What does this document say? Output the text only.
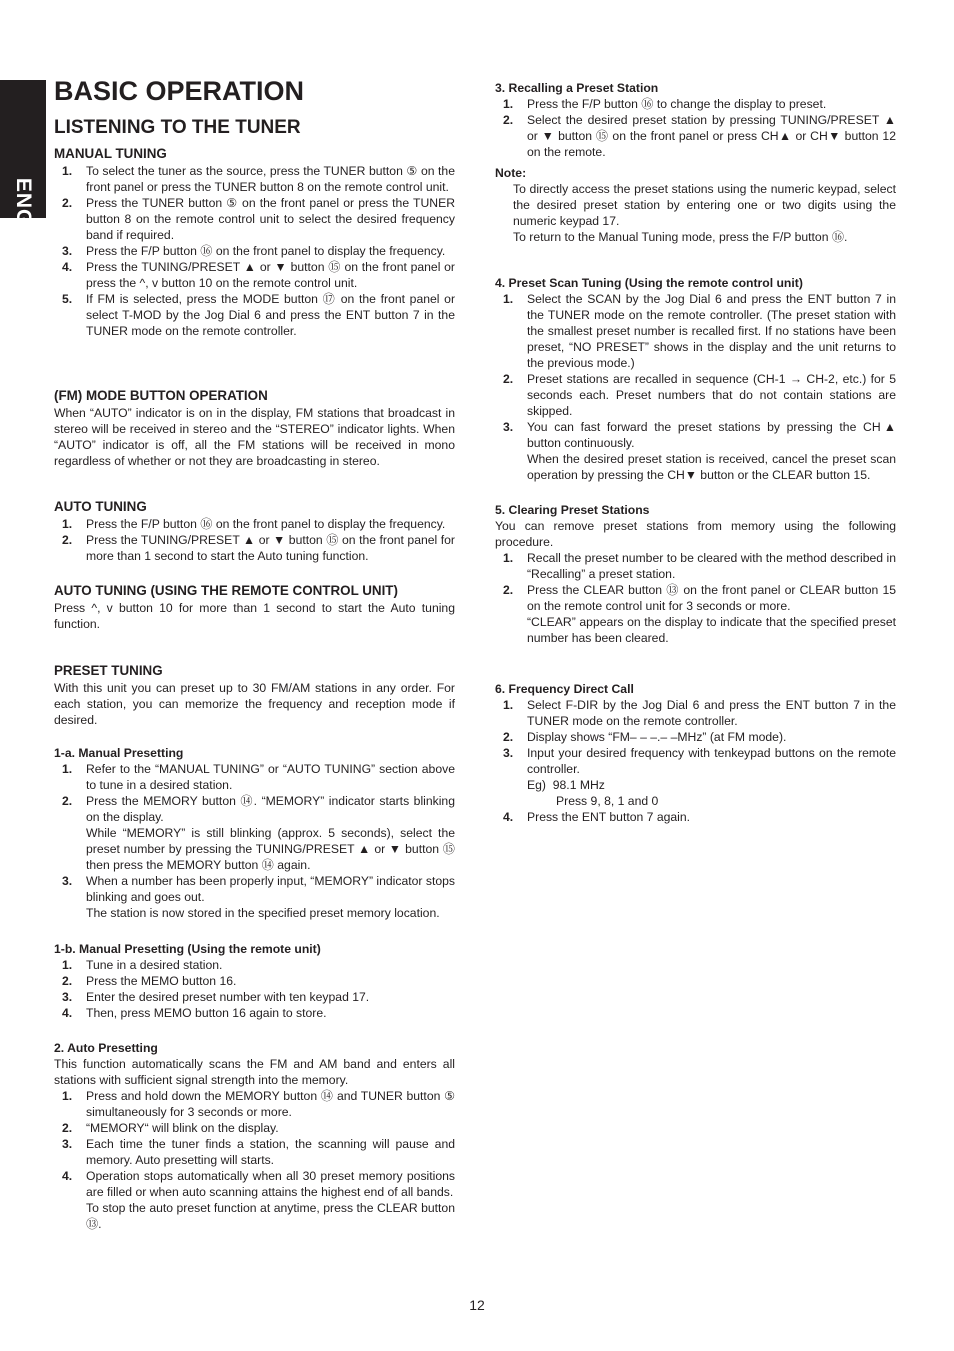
ENGLISH
BASIC OPERATION
LISTENING TO THE TUNER
MANUAL TUNING
1. To select the tuner as the source, press the TUNER button ⑤ on the front panel or press the TUNER button 8 on the remote control unit.
2. Press the TUNER button ⑤ on the front panel or press the TUNER button 8 on the remote control unit to select the desired frequency band if required.
3. Press the F/P button ⑯ on the front panel to display the frequency.
4. Press the TUNING/PRESET ▲ or ▼ button ⑮ on the front panel or press the ^, v button 10 on the remote control unit.
5. If FM is selected, press the MODE button ⑰ on the front panel or select T-MOD by the Jog Dial 6 and press the ENT button 7 in the TUNER mode on the remote controller.
(FM) MODE BUTTON OPERATION

When “AUTO” indicator is on in the display, FM stations that broadcast in stereo will be received in stereo and the “STEREO” indicator lights. When “AUTO” indicator is off, all the FM stations will be received in mono regardless of whether or not they are broadcasting in stereo.

AUTO TUNING
1. Press the F/P button ⑯ on the front panel to display the frequency.
2. Press the TUNING/PRESET ▲ or ▼ button ⑮ on the front panel for more than 1 second to start the Auto tuning function.
AUTO TUNING (USING THE REMOTE CONTROL UNIT)

Press ^, v button 10 for more than 1 second to start the Auto tuning function.

PRESET TUNING

With this unit you can preset up to 30 FM/AM stations in any order. For each station, you can memorize the frequency and reception mode if desired.

1-a. Manual Presetting
1. Refer to the “MANUAL TUNING” or “AUTO TUNING” section above to tune in a desired station.
2. Press the MEMORY button ⑭. “MEMORY” indicator starts blinking on the display.
While “MEMORY” is still blinking (approx. 5 seconds), select the preset number by pressing the TUNING/PRESET ▲ or ▼ button ⑮ then press the MEMORY button ⑭ again.
3. When a number has been properly input, “MEMORY” indicator stops blinking and goes out.
The station is now stored in the specified preset memory location.
1-b. Manual Presetting (Using the remote unit)
1. Tune in a desired station.
2. Press the MEMO button 16.
3. Enter the desired preset number with ten keypad 17.
4. Then, press MEMO button 16 again to store.
2. Auto Presetting

This function automatically scans the FM and AM band and enters all stations with sufficient signal strength into the memory.

1. Press and hold down the MEMORY button ⑭ and TUNER button ⑤ simultaneously for 3 seconds or more.
2. “MEMORY“ will blink on the display.
3. Each time the tuner finds a station, the scanning will pause and memory. Auto presetting will starts.
4. Operation stops automatically when all 30 preset memory positions are filled or when auto scanning attains the highest end of all bands.
To stop the auto preset function at anytime, press the CLEAR button ⑬.
3. Recalling a Preset Station
1. Press the F/P button ⑯ to change the display to preset.
2. Select the desired preset station by pressing TUNING/PRESET ▲ or ▼ button ⑮ on the front panel or press CH▲ or CH▼ button 12 on the remote.
Note:

To directly access the preset stations using the numeric keypad, select the desired preset station by entering one or two digits using the numeric keypad 17.

To return to the Manual Tuning mode, press the F/P button ⑯.

4. Preset Scan Tuning (Using the remote control unit)
1. Select the SCAN by the Jog Dial 6 and press the ENT button 7 in the TUNER mode on the remote controller. (The preset station with the smallest preset number is recalled first. If no stations have been preset, “NO PRESET” shows in the display and the unit returns to the previous mode.)
2. Preset stations are recalled in sequence (CH-1 → CH-2, etc.) for 5 seconds each. Preset numbers that do not contain stations are skipped.
3. You can fast forward the preset stations by pressing the CH▲ button continuously.
When the desired preset station is received, cancel the preset scan operation by pressing the CH▼ button or the CLEAR button 15.
5. Clearing Preset Stations

You can remove preset stations from memory using the following procedure.

1. Recall the preset number to be cleared with the method described in “Recalling” a preset station.
2. Press the CLEAR button ⑬ on the front panel or CLEAR button 15 on the remote control unit for 3 seconds or more.
“CLEAR” appears on the display to indicate that the specified preset number has been cleared.
6. Frequency Direct Call
1. Select F-DIR by the Jog Dial 6 and press the ENT button 7 in the TUNER mode on the remote controller.
2. Display shows “FM– – –.– –MHz” (at FM mode).
3. Input your desired frequency with tenkeypad buttons on the remote controller.
Eg) 98.1 MHz
Press 9, 8, 1 and 0
4. Press the ENT button 7 again.
12
